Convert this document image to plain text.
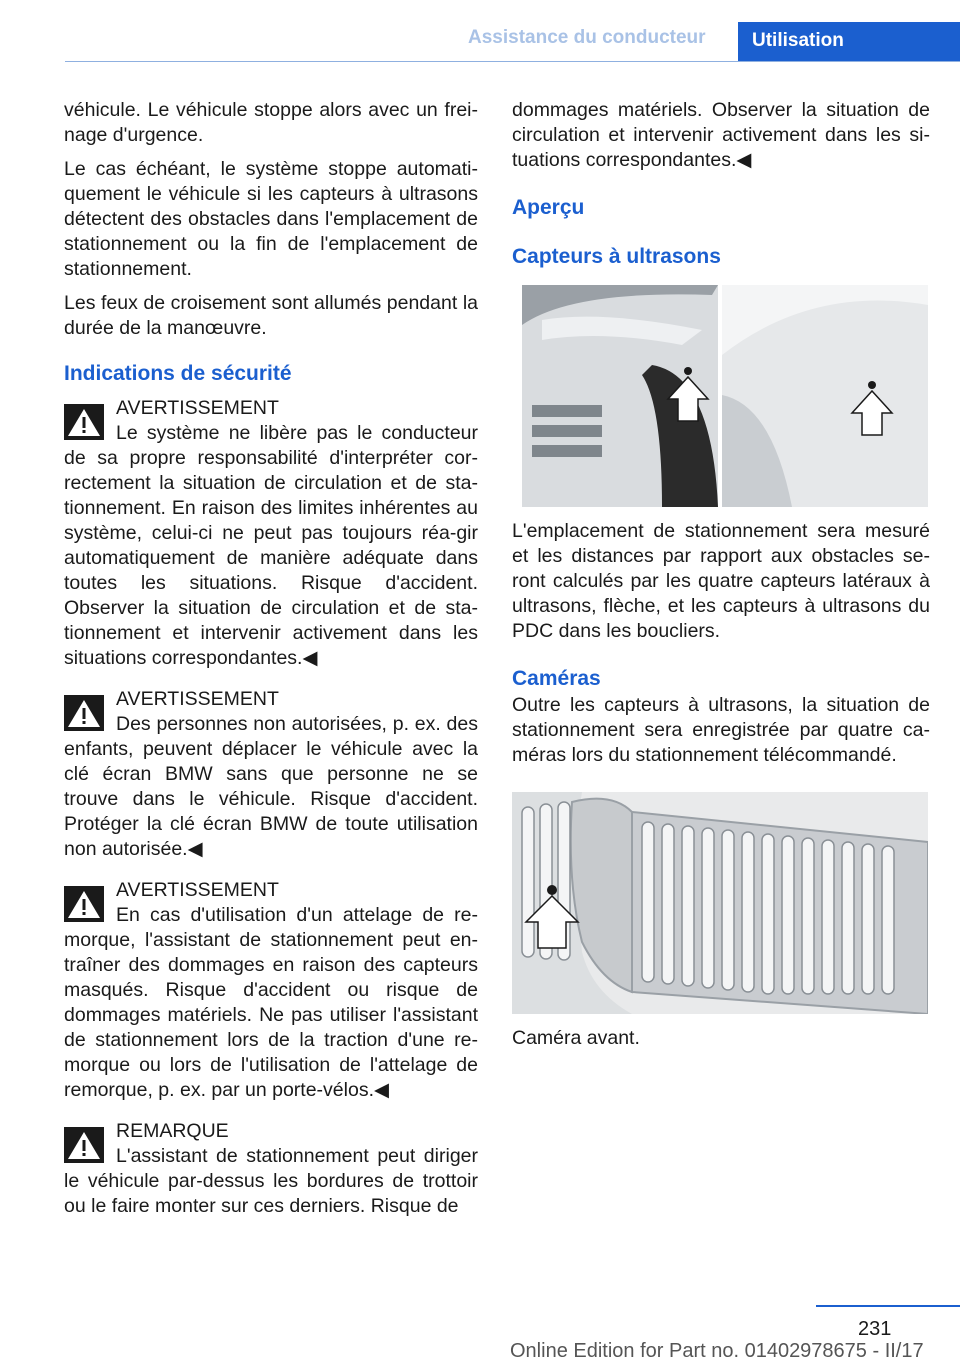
Assistance du conducteur	Utilisation

véhicule. Le véhicule stoppe alors avec un frei-nage d'urgence.

Le cas échéant, le système stoppe automati-quement le véhicule si les capteurs à ultrasons détectent des obstacles dans l'emplacement de stationnement ou la fin de l'emplacement de stationnement.

Les feux de croisement sont allumés pendant la durée de la manœuvre.

Indications de sécurité
AVERTISSEMENT

Le système ne libère pas le conducteur de sa propre responsabilité d'interpréter cor-rectement la situation de circulation et de sta-tionnement. En raison des limites inhérentes au système, celui-ci ne peut pas toujours réa-gir automatiquement de manière adéquate dans toutes les situations. Risque d'accident. Observer la situation de circulation et de sta-tionnement et intervenir activement dans les situations correspondantes.◀

AVERTISSEMENT

Des personnes non autorisées, p. ex. des enfants, peuvent déplacer le véhicule avec la clé écran BMW sans que personne ne se trouve dans le véhicule. Risque d'accident. Protéger la clé écran BMW de toute utilisation non autorisée.◀

AVERTISSEMENT

En cas d'utilisation d'un attelage de re-morque, l'assistant de stationnement peut en-traîner des dommages en raison des capteurs masqués. Risque d'accident ou risque de dommages matériels. Ne pas utiliser l'assistant de stationnement lors de la traction d'une re-morque ou lors de l'utilisation de l'attelage de remorque, p. ex. par un porte-vélos.◀

REMARQUE

L'assistant de stationnement peut diriger le véhicule par-dessus les bordures de trottoir ou le faire monter sur ces derniers. Risque de

dommages matériels. Observer la situation de circulation et intervenir activement dans les si-tuations correspondantes.◀

Aperçu
Capteurs à ultrasons

L'emplacement de stationnement sera mesuré et les distances par rapport aux obstacles se-ront calculés par les quatre capteurs latéraux à ultrasons, flèche, et les capteurs à ultrasons du PDC dans les boucliers.

Caméras

Outre les capteurs à ultrasons, la situation de stationnement sera enregistrée par quatre ca-méras lors du stationnement télécommandé.

Caméra avant.

231
Online Edition for Part no. 01402978675 - II/17
